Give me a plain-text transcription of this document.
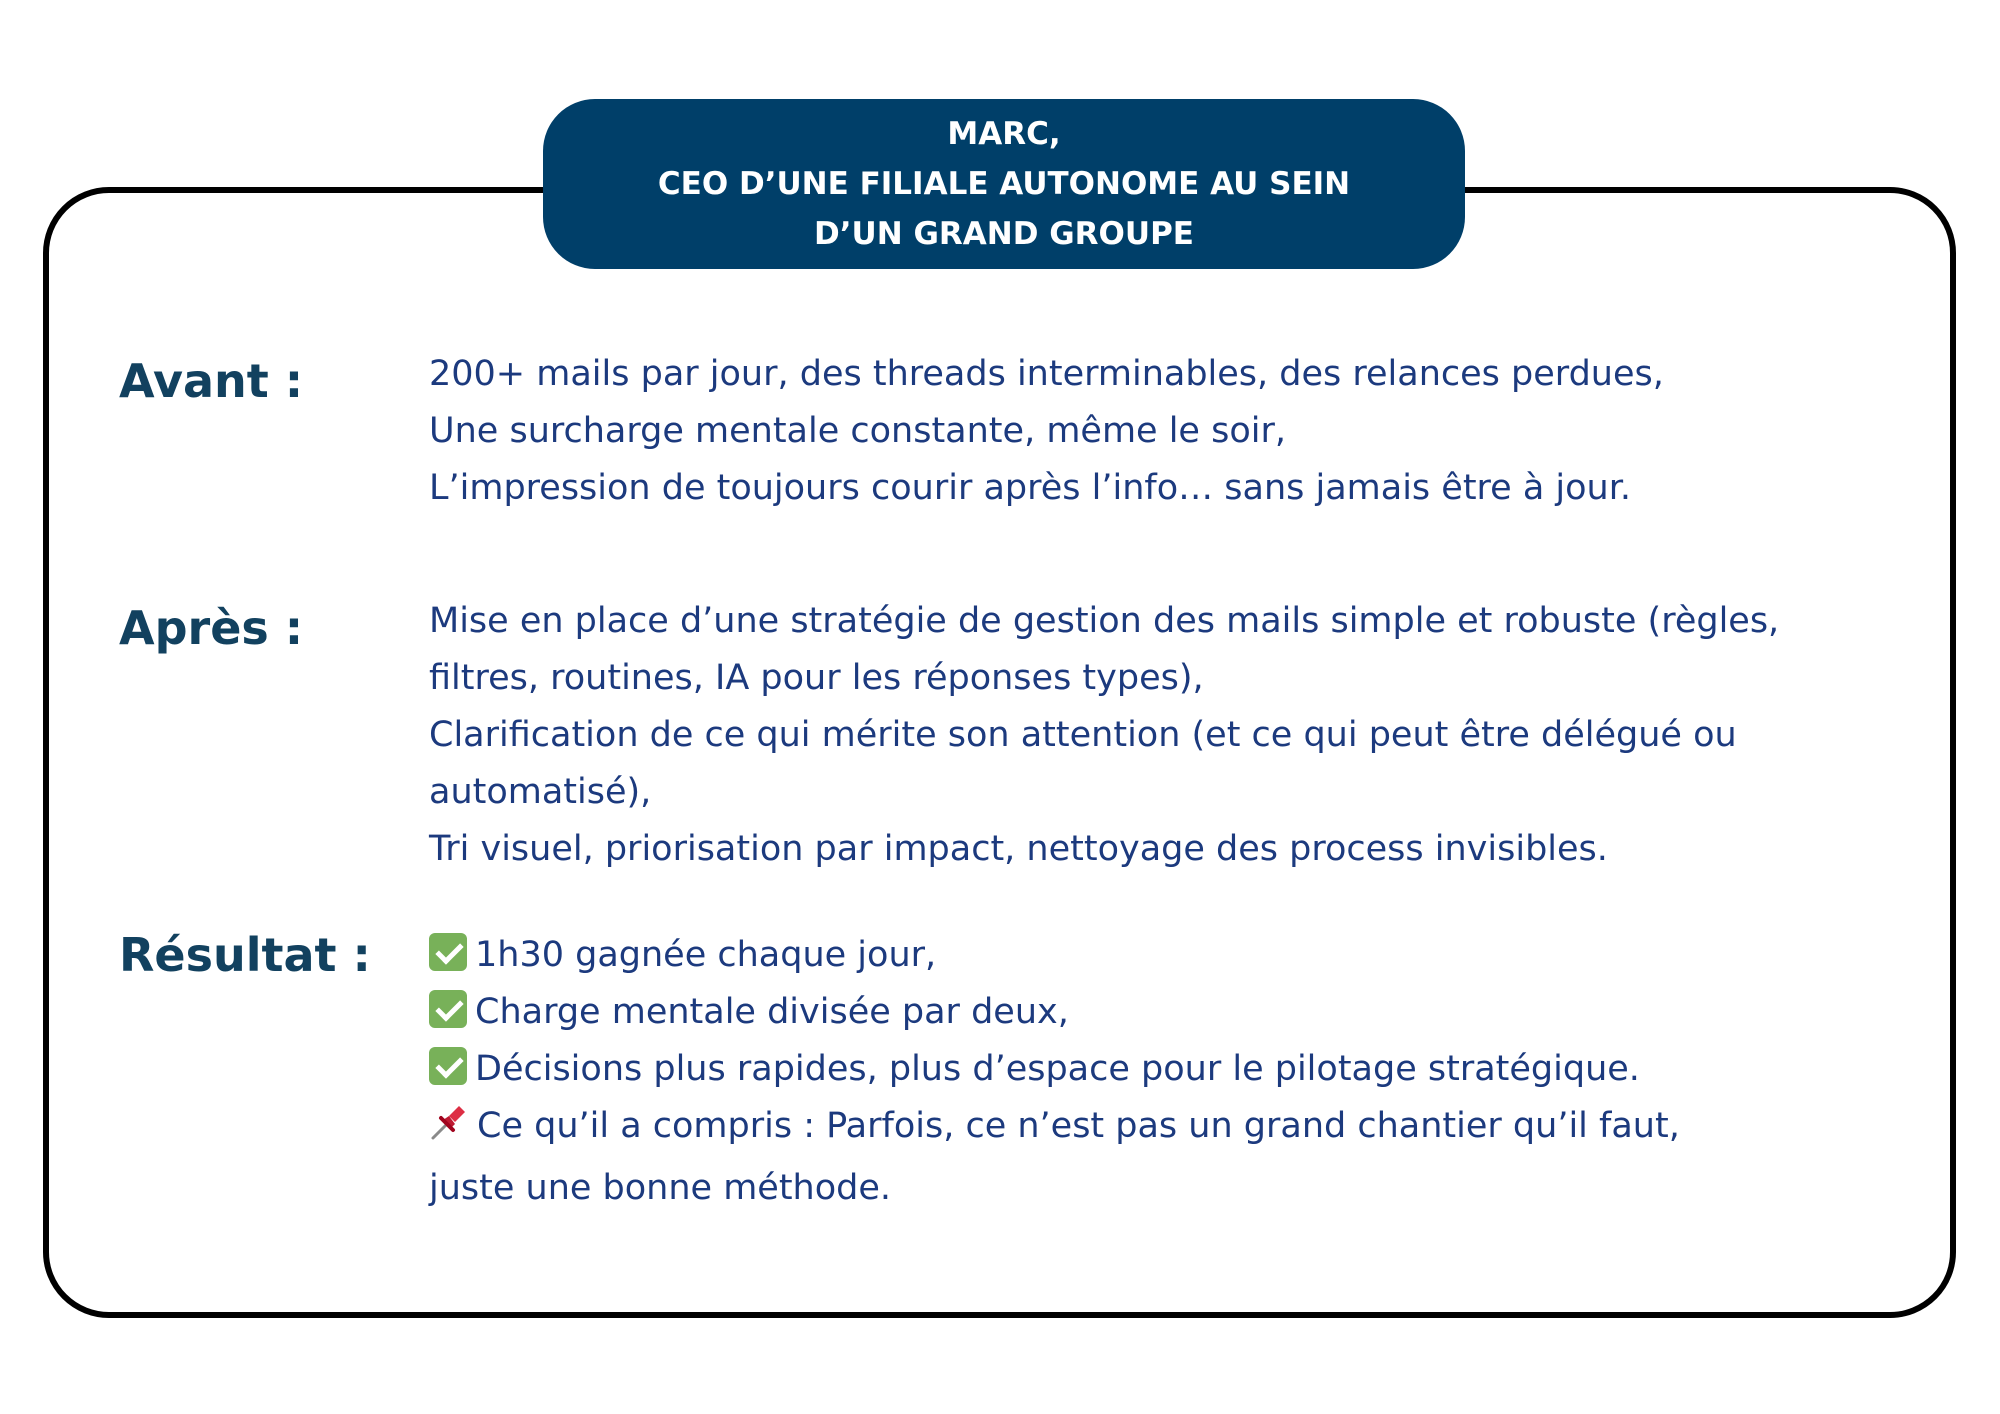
MARC,
CEO D’UNE FILIALE AUTONOME AU SEIN
D’UN GRAND GROUPE
Avant :	200+ mails par jour, des threads interminables, des relances perdues,
Une surcharge mentale constante, même le soir,
L’impression de toujours courir après l’info… sans jamais être à jour.
Après :	Mise en place d’une stratégie de gestion des mails simple et robuste (règles,
filtres, routines, IA pour les réponses types),
Clarification de ce qui mérite son attention (et ce qui peut être délégué ou
automatisé),
Tri visuel, priorisation par impact, nettoyage des process invisibles.
Résultat :	1h30 gagnée chaque jour,
Charge mentale divisée par deux,
Décisions plus rapides, plus d’espace pour le pilotage stratégique.
Ce qu’il a compris : Parfois, ce n’est pas un grand chantier qu’il faut,
juste une bonne méthode.
